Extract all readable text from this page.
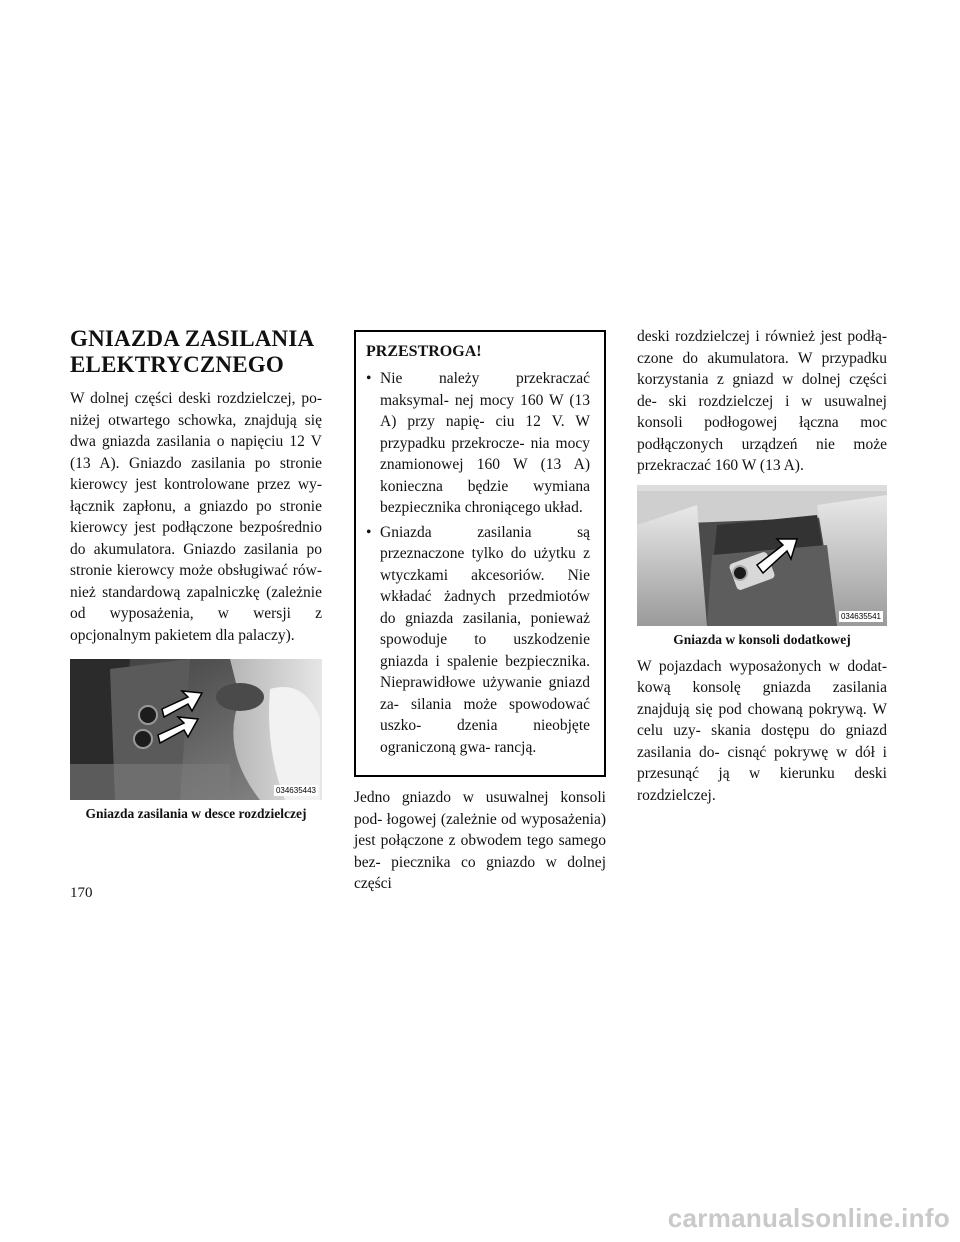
GNIAZDA ZASILANIA
ELEKTRYCZNEGO

W dolnej części deski rozdzielczej, po- niżej otwartego schowka, znajdują się dwa gniazda zasilania o napięciu 12 V (13 A). Gniazdo zasilania po stronie kierowcy jest kontrolowane przez wy- łącznik zapłonu, a gniazdo po stronie kierowcy jest podłączone bezpośrednio do akumulatora. Gniazdo zasilania po stronie kierowcy może obsługiwać rów- nież standardową zapalniczkę (zależnie od wyposażenia, w wersji z opcjonalnym pakietem dla palaczy).

034635443
Gniazda zasilania w desce rozdzielczej
PRZESTROGA!
• Nie należy przekraczać maksymal- nej mocy 160 W (13 A) przy napię- ciu 12 V. W przypadku przekrocze- nia mocy znamionowej 160 W (13 A) konieczna będzie wymiana bezpiecznika chroniącego układ.
• Gniazda zasilania są przeznaczone tylko do użytku z wtyczkami akcesoriów. Nie wkładać żadnych przedmiotów do gniazda zasilania, ponieważ spowoduje to uszkodzenie gniazda i spalenie bezpiecznika. Nieprawidłowe używanie gniazd za- silania może spowodować uszko- dzenia nieobjęte ograniczoną gwa- rancją.

Jedno gniazdo w usuwalnej konsoli pod- łogowej (zależnie od wyposażenia) jest połączone z obwodem tego samego bez- piecznika co gniazdo w dolnej części

deski rozdzielczej i również jest podłą- czone do akumulatora. W przypadku korzystania z gniazd w dolnej części de- ski rozdzielczej i w usuwalnej konsoli podłogowej łączna moc podłączonych urządzeń nie może przekraczać 160 W (13 A).

034635541
Gniazda w konsoli dodatkowej

W pojazdach wyposażonych w dodat- kową konsolę gniazda zasilania znajdują się pod chowaną pokrywą. W celu uzy- skania dostępu do gniazd zasilania do- cisnąć pokrywę w dół i przesunąć ją w kierunku deski rozdzielczej.

170
carmanualsonline.info
